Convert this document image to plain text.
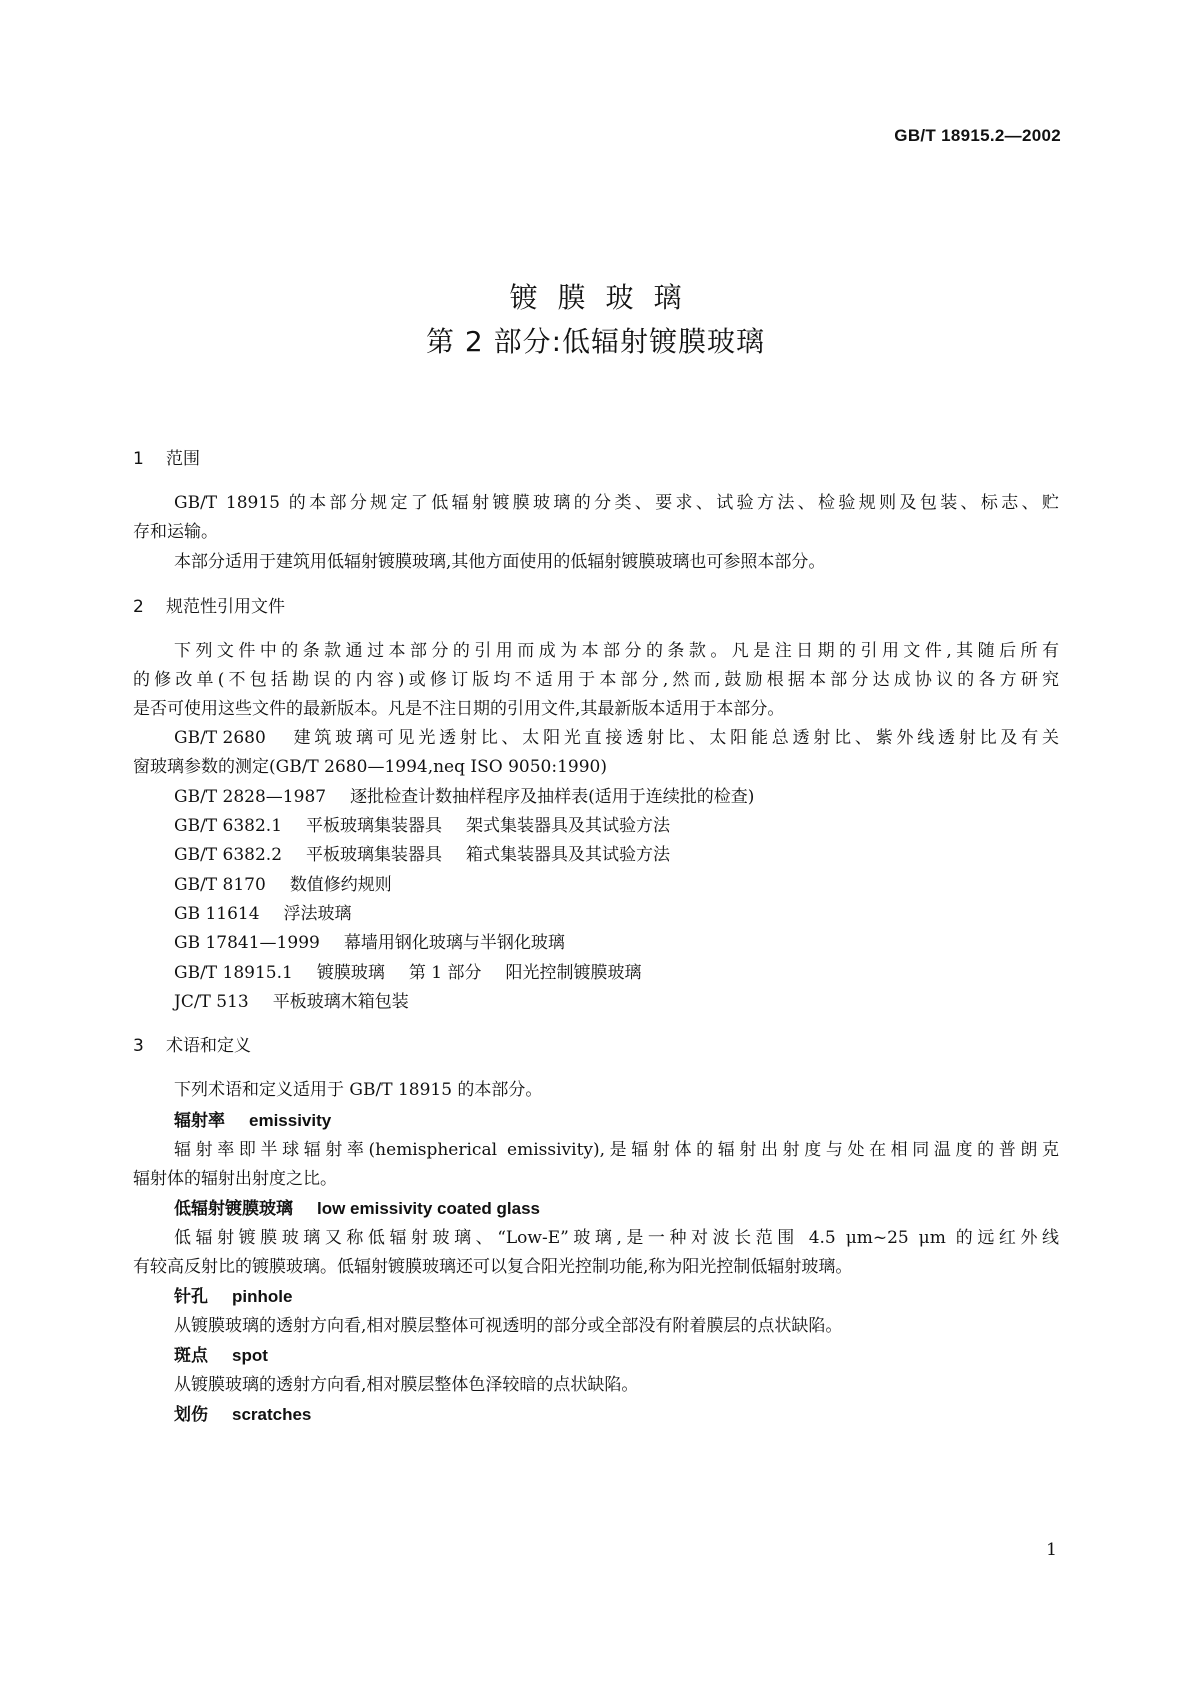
GB/T 18915.2—2002
镀膜玻璃
第 2 部分:低辐射镀膜玻璃
1 范围
GB/T 18915 的本部分规定了低辐射镀膜玻璃的分类、要求、试验方法、检验规则及包装、标志、贮
存和运输。
本部分适用于建筑用低辐射镀膜玻璃,其他方面使用的低辐射镀膜玻璃也可参照本部分。
2 规范性引用文件
下列文件中的条款通过本部分的引用而成为本部分的条款。凡是注日期的引用文件,其随后所有
的修改单(不包括勘误的内容)或修订版均不适用于本部分,然而,鼓励根据本部分达成协议的各方研究
是否可使用这些文件的最新版本。凡是不注日期的引用文件,其最新版本适用于本部分。
GB/T 2680 建筑玻璃可见光透射比、太阳光直接透射比、太阳能总透射比、紫外线透射比及有关
窗玻璃参数的测定(GB/T 2680—1994,neq ISO 9050:1990)
GB/T 2828—1987 逐批检查计数抽样程序及抽样表(适用于连续批的检查)
GB/T 6382.1 平板玻璃集装器具 架式集装器具及其试验方法
GB/T 6382.2 平板玻璃集装器具 箱式集装器具及其试验方法
GB/T 8170 数值修约规则
GB 11614 浮法玻璃
GB 17841—1999 幕墙用钢化玻璃与半钢化玻璃
GB/T 18915.1 镀膜玻璃 第 1 部分 阳光控制镀膜玻璃
JC/T 513 平板玻璃木箱包装
3 术语和定义
下列术语和定义适用于 GB/T 18915 的本部分。
辐射率 emissivity
辐射率即半球辐射率(hemispherical emissivity),是辐射体的辐射出射度与处在相同温度的普朗克
辐射体的辐射出射度之比。
低辐射镀膜玻璃 low emissivity coated glass
低辐射镀膜玻璃又称低辐射玻璃、“Low-E”玻璃,是一种对波长范围 4.5 μm~25 μm 的远红外线
有较高反射比的镀膜玻璃。低辐射镀膜玻璃还可以复合阳光控制功能,称为阳光控制低辐射玻璃。
针孔 pinhole
从镀膜玻璃的透射方向看,相对膜层整体可视透明的部分或全部没有附着膜层的点状缺陷。
斑点 spot
从镀膜玻璃的透射方向看,相对膜层整体色泽较暗的点状缺陷。
划伤 scratches
1
